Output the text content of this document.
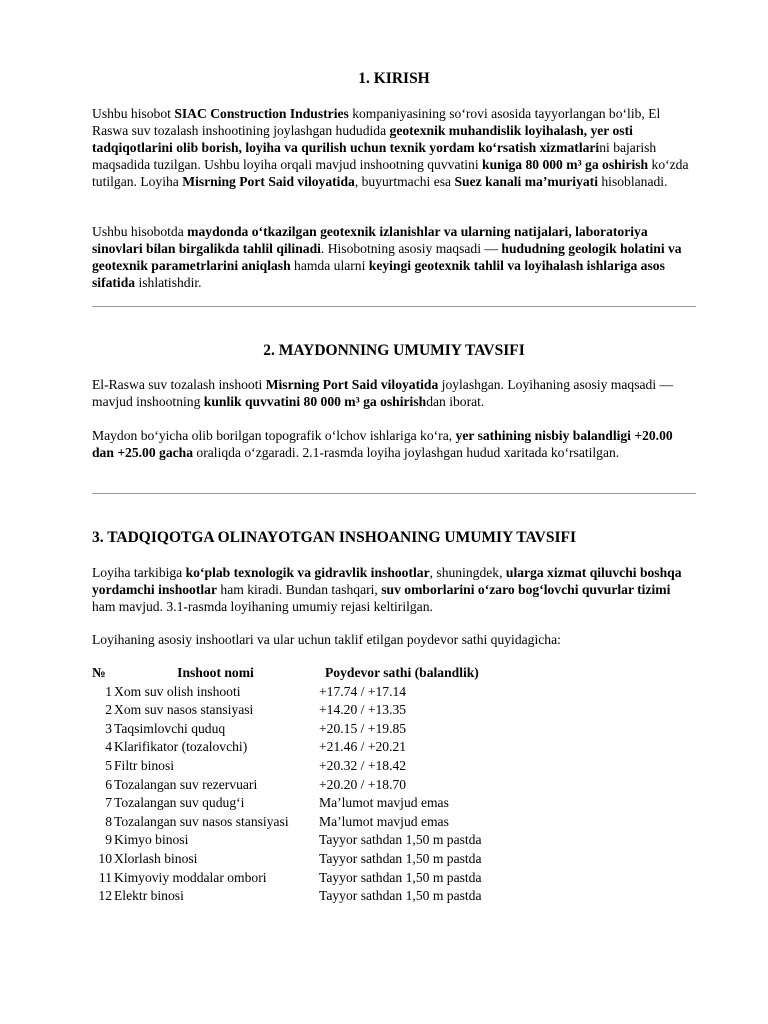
1. KIRISH

Ushbu hisobot SIAC Construction Industries kompaniyasining so‘rovi asosida tayyorlangan bo‘lib, El Raswa suv tozalash inshootining joylashgan hududida geotexnik muhandislik loyihalash, yer osti tadqiqotlarini olib borish, loyiha va qurilish uchun texnik yordam ko‘rsatish xizmatlarini bajarish maqsadida tuzilgan. Ushbu loyiha orqali mavjud inshootning quvvatini kuniga 80 000 m³ ga oshirish ko‘zda tutilgan. Loyiha Misrning Port Said viloyatida, buyurtmachi esa Suez kanali ma’muriyati hisoblanadi.

Ushbu hisobotda maydonda o‘tkazilgan geotexnik izlanishlar va ularning natijalari, laboratoriya sinovlari bilan birgalikda tahlil qilinadi. Hisobotning asosiy maqsadi — hududning geologik holatini va geotexnik parametrlarini aniqlash hamda ularni keyingi geotexnik tahlil va loyihalash ishlariga asos sifatida ishlatishdir.

2. MAYDONNING UMUMIY TAVSIFI

El-Raswa suv tozalash inshooti Misrning Port Said viloyatida joylashgan. Loyihaning asosiy maqsadi — mavjud inshootning kunlik quvvatini 80 000 m³ ga oshirishdan iborat.

Maydon bo‘yicha olib borilgan topografik o‘lchov ishlariga ko‘ra, yer sathining nisbiy balandligi +20.00 dan +25.00 gacha oraliqda o‘zgaradi. 2.1-rasmda loyiha joylashgan hudud xaritada ko‘rsatilgan.

3. TADQIQOTGA OLINAYOTGAN INSHOANING UMUMIY TAVSIFI

Loyiha tarkibiga ko‘plab texnologik va gidravlik inshootlar, shuningdek, ularga xizmat qiluvchi boshqa yordamchi inshootlar ham kiradi. Bundan tashqari, suv omborlarini o‘zaro bog‘lovchi quvurlar tizimi ham mavjud. 3.1-rasmda loyihaning umumiy rejasi keltirilgan.

Loyihaning asosiy inshootlari va ular uchun taklif etilgan poydevor sathi quyidagicha:

№	Inshoot nomi	Poydevor sathi (balandlik)
1	Xom suv olish inshooti	+17.74 / +17.14
2	Xom suv nasos stansiyasi	+14.20 / +13.35
3	Taqsimlovchi quduq	+20.15 / +19.85
4	Klarifikator (tozalovchi)	+21.46 / +20.21
5	Filtr binosi	+20.32 / +18.42
6	Tozalangan suv rezervuari	+20.20 / +18.70
7	Tozalangan suv qudug‘i	Ma’lumot mavjud emas
8	Tozalangan suv nasos stansiyasi	Ma’lumot mavjud emas
9	Kimyo binosi	Tayyor sathdan 1,50 m pastda
10	Xlorlash binosi	Tayyor sathdan 1,50 m pastda
11	Kimyoviy moddalar ombori	Tayyor sathdan 1,50 m pastda
12	Elektr binosi	Tayyor sathdan 1,50 m pastda
